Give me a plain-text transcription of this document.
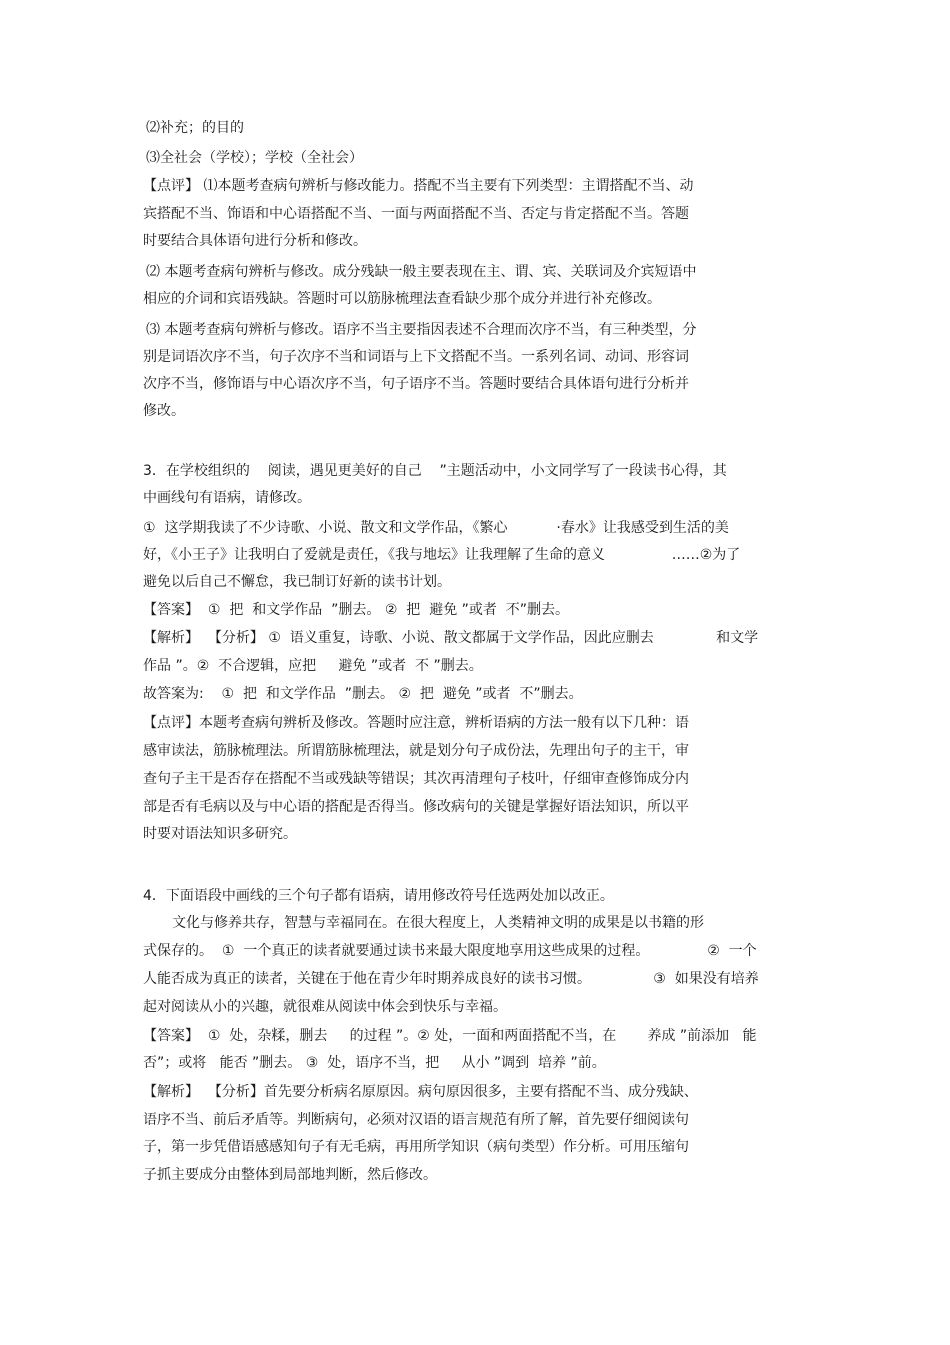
⑵补充；的目的

⑶全社会（学校）；学校（全社会）

【点评】 ⑴本题考查病句辨析与修改能力。搭配不当主要有下列类型：主谓搭配不当、动

宾搭配不当、饰语和中心语搭配不当、一面与两面搭配不当、否定与肯定搭配不当。答题

时要结合具体语句进行分析和修改。

⑵ 本题考查病句辨析与修改。成分残缺一般主要表现在主、谓、宾、关联词及介宾短语中

相应的介词和宾语残缺。答题时可以筋脉梳理法查看缺少那个成分并进行补充修改。

⑶ 本题考查病句辨析与修改。语序不当主要指因表述不合理而次序不当，有三种类型，分

别是词语次序不当，句子次序不当和词语与上下文搭配不当。一系列名词、动词、形容词

次序不当，修饰语与中心语次序不当，句子语序不当。答题时要结合具体语句进行分析并

修改。

3．在学校组织的    阅读，遇见更美好的自己    ”主题活动中，小文同学写了一段读书心得，其

中画线句有语病，请修改。

①  这学期我读了不少诗歌、小说、散文和文学作品，《繁心           ·春水》让我感受到生活的美

好，《小王子》让我明白了爱就是责任，《我与地坛》让我理解了生命的意义               ……②为了

避免以后自己不懈怠，我已制订好新的读书计划。

【答案】  ①  把  和文学作品  ”删去。 ②  把  避免 ”或者  不”删去。

【解析】  【分析】 ①  语义重复，诗歌、小说、散文都属于文学作品，因此应删去              和文学

作品 ”。②  不合逻辑，应把     避免 ”或者  不 ”删去。

故答案为:    ①  把  和文学作品  ”删去。 ②  把  避免 ”或者  不”删去。

【点评】本题考查病句辨析及修改。答题时应注意，辨析语病的方法一般有以下几种：语

感审读法，筋脉梳理法。所谓筋脉梳理法，就是划分句子成份法，先理出句子的主干，审

查句子主干是否存在搭配不当或残缺等错误；其次再清理句子枝叶，仔细审查修饰成分内

部是否有毛病以及与中心语的搭配是否得当。修改病句的关键是掌握好语法知识，所以平

时要对语法知识多研究。

4．下面语段中画线的三个句子都有语病，请用修改符号任选两处加以改正。

文化与修养共存，智慧与幸福同在。在很大程度上，人类精神文明的成果是以书籍的形

式保存的。  ①  一个真正的读者就要通过读书来最大限度地享用这些成果的过程。             ②  一个

人能否成为真正的读者，关键在于他在青少年时期养成良好的读书习惯。              ③  如果没有培养

起对阅读从小的兴趣，就很难从阅读中体会到快乐与幸福。

【答案】  ①  处，杂糅，删去     的过程 ”。② 处，一面和两面搭配不当，在       养成 ”前添加   能

否”；或将   能否 ”删去。 ③  处，语序不当，把     从小 ”调到  培养 ”前。

【解析】  【分析】首先要分析病名原原因。病句原因很多，主要有搭配不当、成分残缺、

语序不当、前后矛盾等。判断病句，必须对汉语的语言规范有所了解，首先要仔细阅读句

子，第一步凭借语感感知句子有无毛病，再用所学知识（病句类型）作分析。可用压缩句

子抓主要成分由整体到局部地判断，然后修改。
